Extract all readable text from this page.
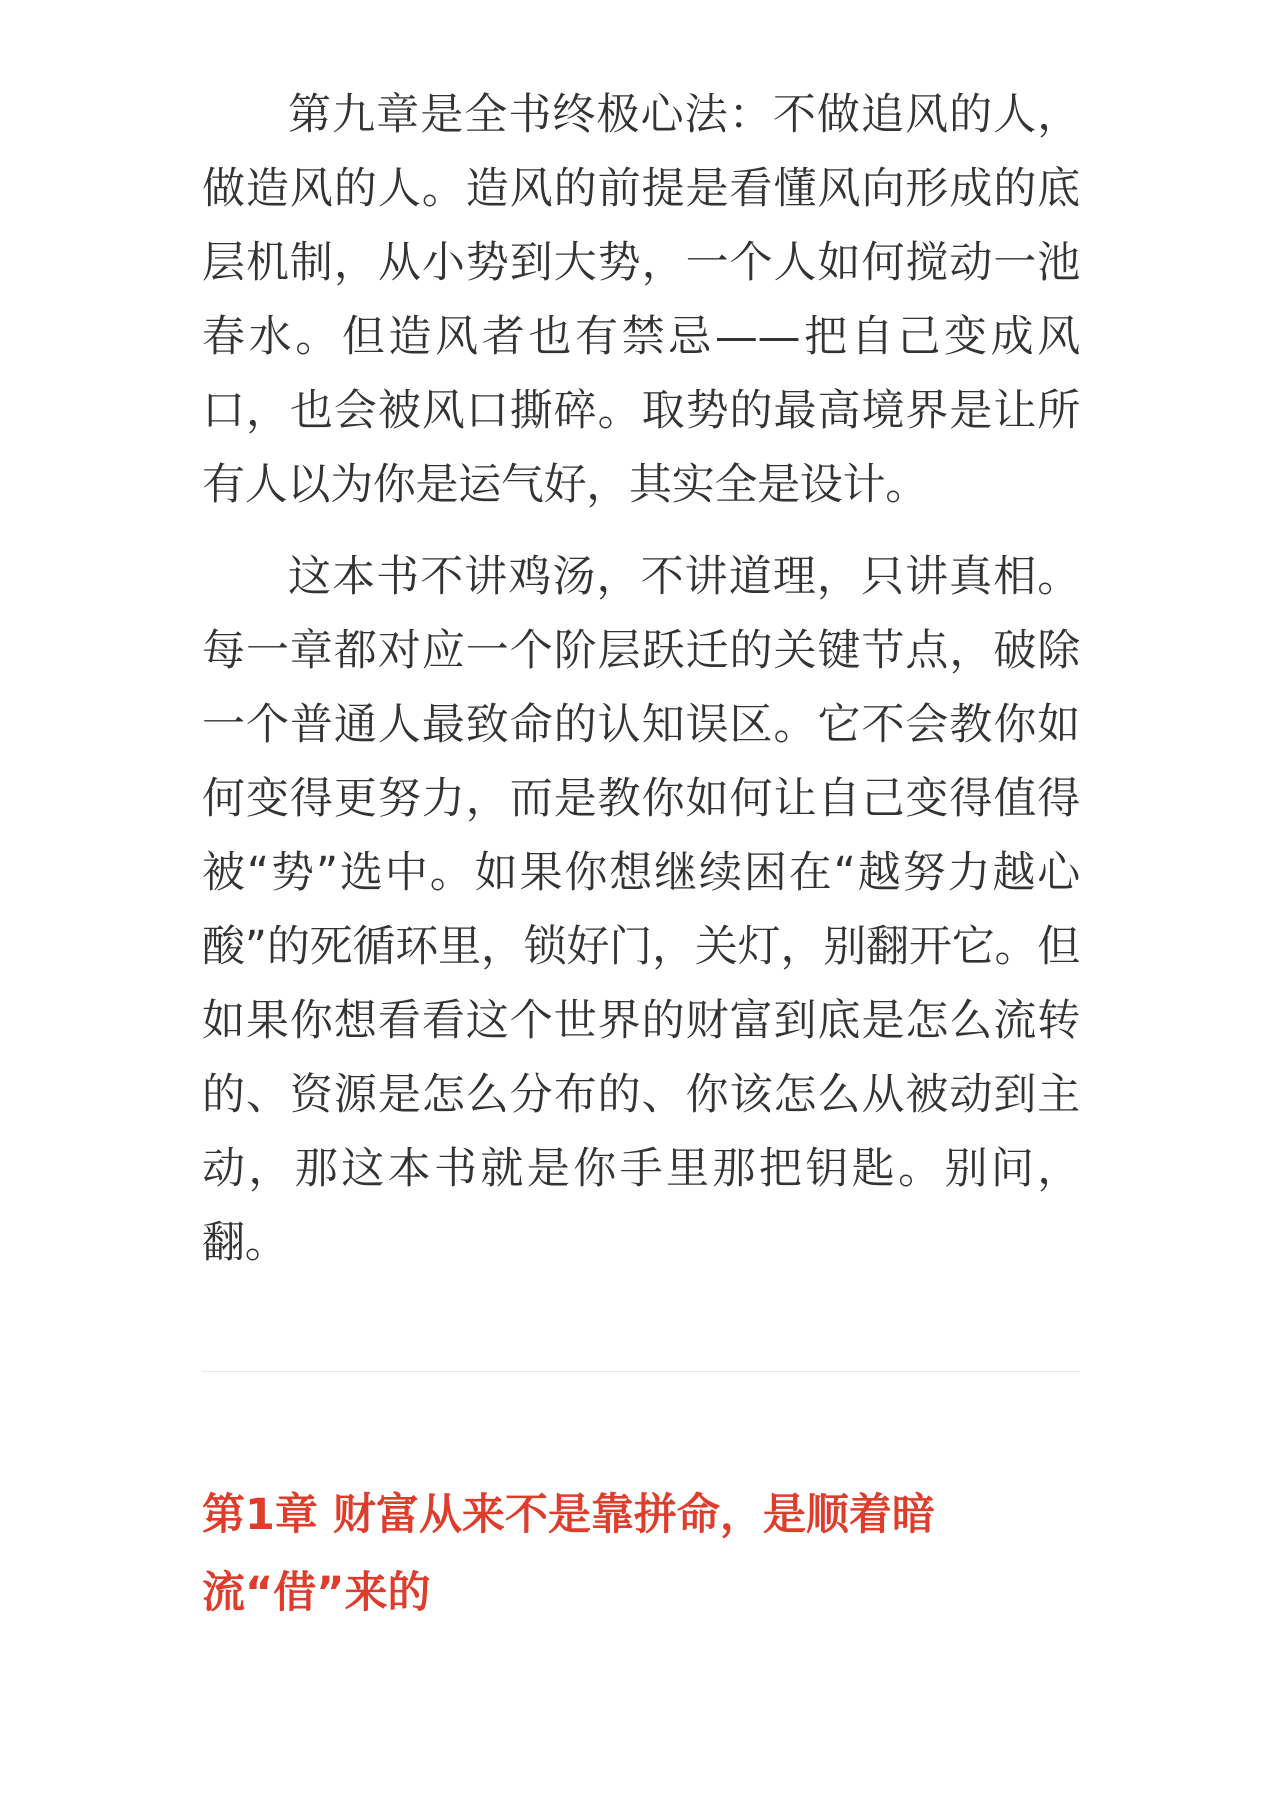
第九章是全书终极心法：不做追风的人，做造风的人。造风的前提是看懂风向形成的底层机制，从小势到大势，一个人如何搅动一池春水。但造风者也有禁忌——把自己变成风口，也会被风口撕碎。取势的最高境界是让所有人以为你是运气好，其实全是设计。

这本书不讲鸡汤，不讲道理，只讲真相。每一章都对应一个阶层跃迁的关键节点，破除一个普通人最致命的认知误区。它不会教你如何变得更努力，而是教你如何让自己变得值得被“势”选中。如果你想继续困在“越努力越心酸”的死循环里，锁好门，关灯，别翻开它。但如果你想看看这个世界的财富到底是怎么流转的、资源是怎么分布的、你该怎么从被动到主动，那这本书就是你手里那把钥匙。别问，翻。

第1章 财富从来不是靠拼命，是顺着暗流“借”来的
